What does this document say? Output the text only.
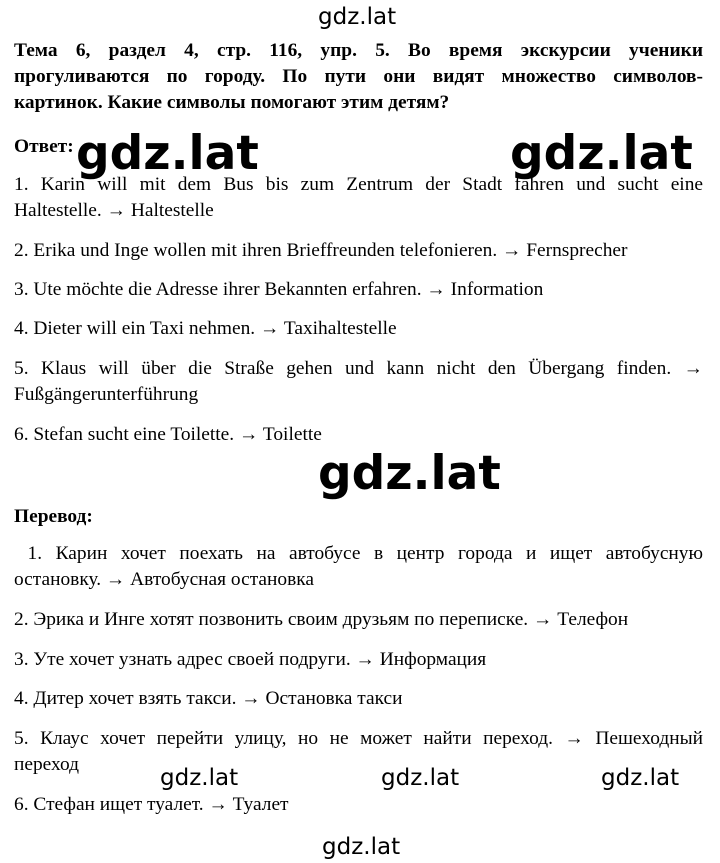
gdz.lat

Тема 6, раздел 4, стр. 116, упр. 5. Во время экскурсии ученики

прогуливаются по городу. По пути они видят множество символов-

картинок. Какие символы помогают этим детям?

Ответ:

1. Karin will mit dem Bus bis zum Zentrum der Stadt fahren und sucht eine

Haltestelle. → Haltestelle

2. Erika und Inge wollen mit ihren Brieffreunden telefonieren. → Fernsprecher

3. Ute möchte die Adresse ihrer Bekannten erfahren. → Information

4. Dieter will ein Taxi nehmen. → Taxihaltestelle

5. Klaus will über die Straße gehen und kann nicht den Übergang finden. →

Fußgängerunterführung

6. Stefan sucht eine Toilette. → Toilette

Перевод:

1. Карин хочет поехать на автобусе в центр города и ищет автобусную

остановку. → Автобусная остановка

2. Эрика и Инге хотят позвонить своим друзьям по переписке. → Телефон

3. Уте хочет узнать адрес своей подруги. → Информация

4. Дитер хочет взять такси. → Остановка такси

5. Клаус хочет перейти улицу, но не может найти переход. → Пешеходный

переход

6. Стефан ищет туалет. → Туалет

gdz.lat	gdz.lat
gdz.lat
gdz.lat	gdz.lat	gdz.lat
gdz.lat
